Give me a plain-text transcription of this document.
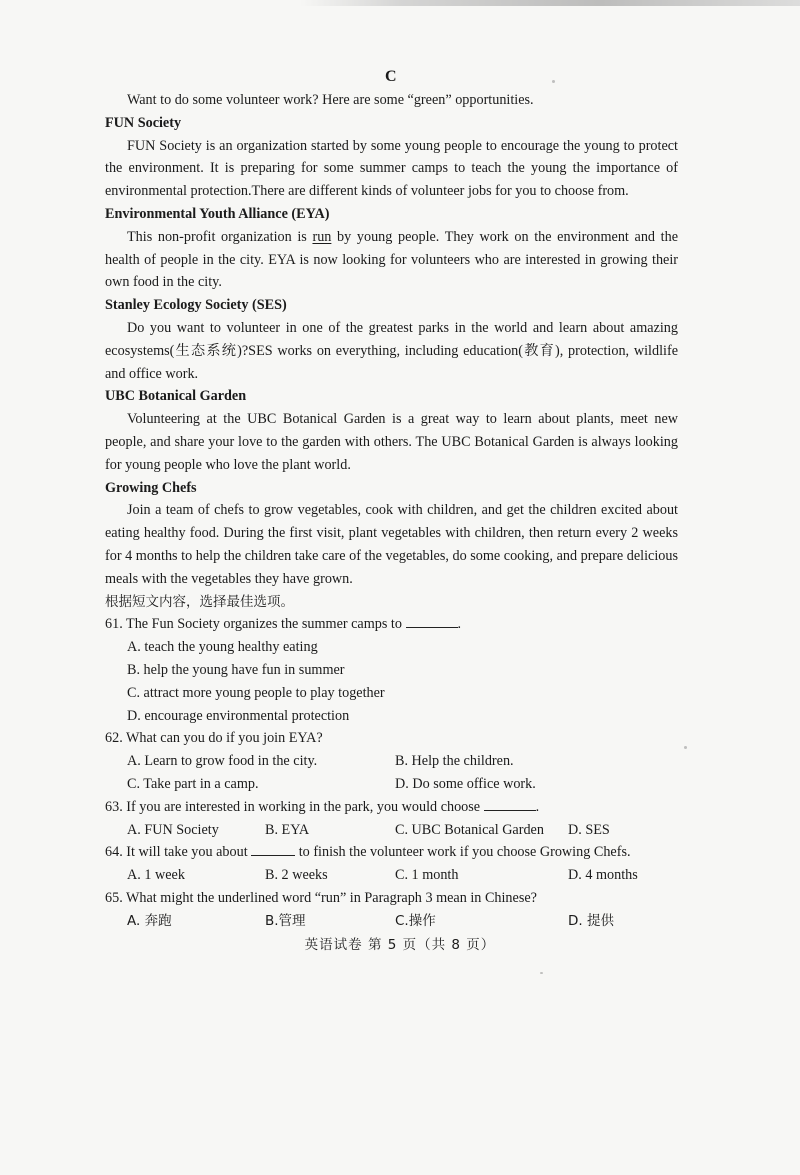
C

Want to do some volunteer work? Here are some “green” opportunities.

FUN Society

FUN Society is an organization started by some young people to encourage the young to protect the environment. It is preparing for some summer camps to teach the young the importance of environmental protection.There are different kinds of volunteer jobs for you to choose from.

Environmental Youth Alliance (EYA)

This non-profit organization is run by young people. They work on the environment and the health of people in the city. EYA is now looking for volunteers who are interested in growing their own food in the city.

Stanley Ecology Society (SES)

Do you want to volunteer in one of the greatest parks in the world and learn about amazing ecosystems(生态系统)?SES works on everything, including education(教育), protection, wildlife and office work.

UBC Botanical Garden

Volunteering at the UBC Botanical Garden is a great way to learn about plants, meet new people, and share your love to the garden with others. The UBC Botanical Garden is always looking for young people who love the plant world.

Growing Chefs

Join a team of chefs to grow vegetables, cook with children, and get the children excited about eating healthy food. During the first visit, plant vegetables with children, then return every 2 weeks for 4 months to help the children take care of the vegetables, do some cooking, and prepare delicious meals with the vegetables they have grown.

根据短文内容，选择最佳选项。

61. The Fun Society organizes the summer camps to	.

A. teach the young healthy eating

B. help the young have fun in summer

C. attract more young people to play together

D. encourage environmental protection

62. What can you do if you join EYA?

A. Learn to grow food in the city.	B. Help the children.
C. Take part in a camp.	D. Do some office work.

63. If you are interested in working in the park, you would choose	.

A. FUN Society	B. EYA	C. UBC Botanical Garden	D. SES

64. It will take you about	to finish the volunteer work if you choose Growing Chefs.

A. 1 week	B. 2 weeks	C. 1 month	D. 4 months

65. What might the underlined word “run” in Paragraph 3 mean in Chinese?

A. 奔跑	B.管理	C.操作	D. 提供
英语试卷 第 5 页（共 8 页）
